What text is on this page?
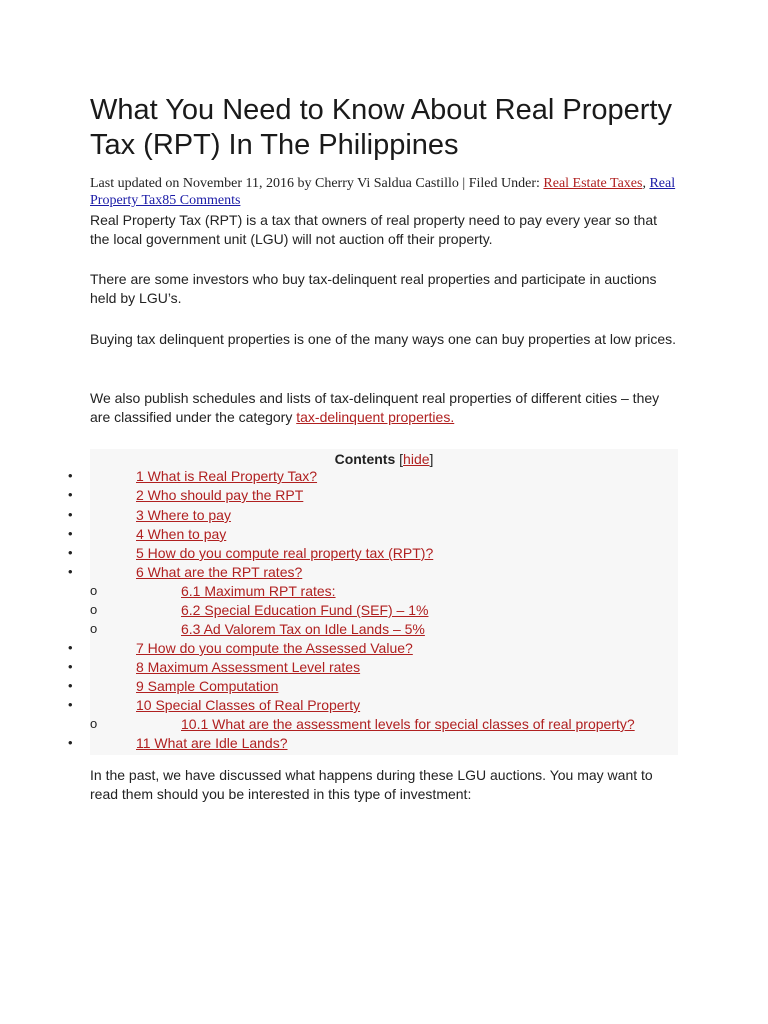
What You Need to Know About Real Property Tax (RPT) In The Philippines
Last updated on November 11, 2016 by Cherry Vi Saldua Castillo | Filed Under: Real Estate Taxes, Real Property Tax85 Comments

Real Property Tax (RPT) is a tax that owners of real property need to pay every year so that the local government unit (LGU) will not auction off their property.

There are some investors who buy tax-delinquent real properties and participate in auctions held by LGU’s.

Buying tax delinquent properties is one of the many ways one can buy properties at low prices.

We also publish schedules and lists of tax-delinquent real properties of different cities – they are classified under the category tax-delinquent properties.

Contents [hide]
•	1 What is Real Property Tax?
•	2 Who should pay the RPT
•	3 Where to pay
•	4 When to pay
•	5 How do you compute real property tax (RPT)?
•	6 What are the RPT rates?
o	6.1 Maximum RPT rates:
o	6.2 Special Education Fund (SEF) – 1%
o	6.3 Ad Valorem Tax on Idle Lands – 5%
•	7 How do you compute the Assessed Value?
•	8 Maximum Assessment Level rates
•	9 Sample Computation
•	10 Special Classes of Real Property
o	10.1 What are the assessment levels for special classes of real property?
•	11 What are Idle Lands?

In the past, we have discussed what happens during these LGU auctions. You may want to read them should you be interested in this type of investment:
